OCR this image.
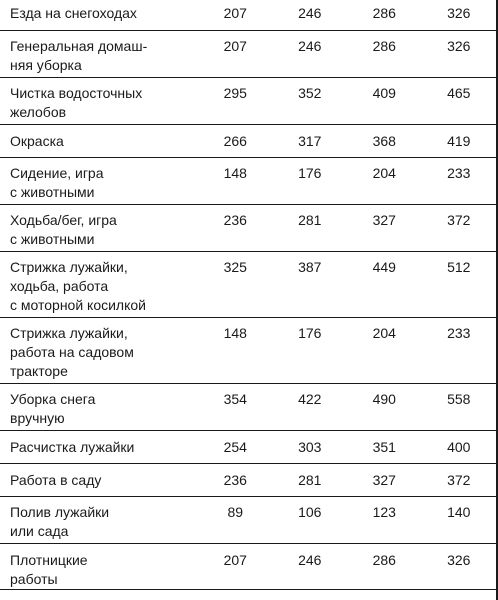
Езда на снегоходах	207	246	286	326

Генеральная домаш-
няя уборка	207	246	286	326

Чистка водосточных
желобов	295	352	409	465

Окраска	266	317	368	419

Сидение, игра
с животными	148	176	204	233

Ходьба/бег, игра
с животными	236	281	327	372

Стрижка лужайки,
ходьба, работа
с моторной косилкой	325	387	449	512

Стрижка лужайки,
работа на садовом
тракторе	148	176	204	233

Уборка снега
вручную	354	422	490	558

Расчистка лужайки	254	303	351	400

Работа в саду	236	281	327	372

Полив лужайки
или сада	89	106	123	140

Плотницкие
работы	207	246	286	326
